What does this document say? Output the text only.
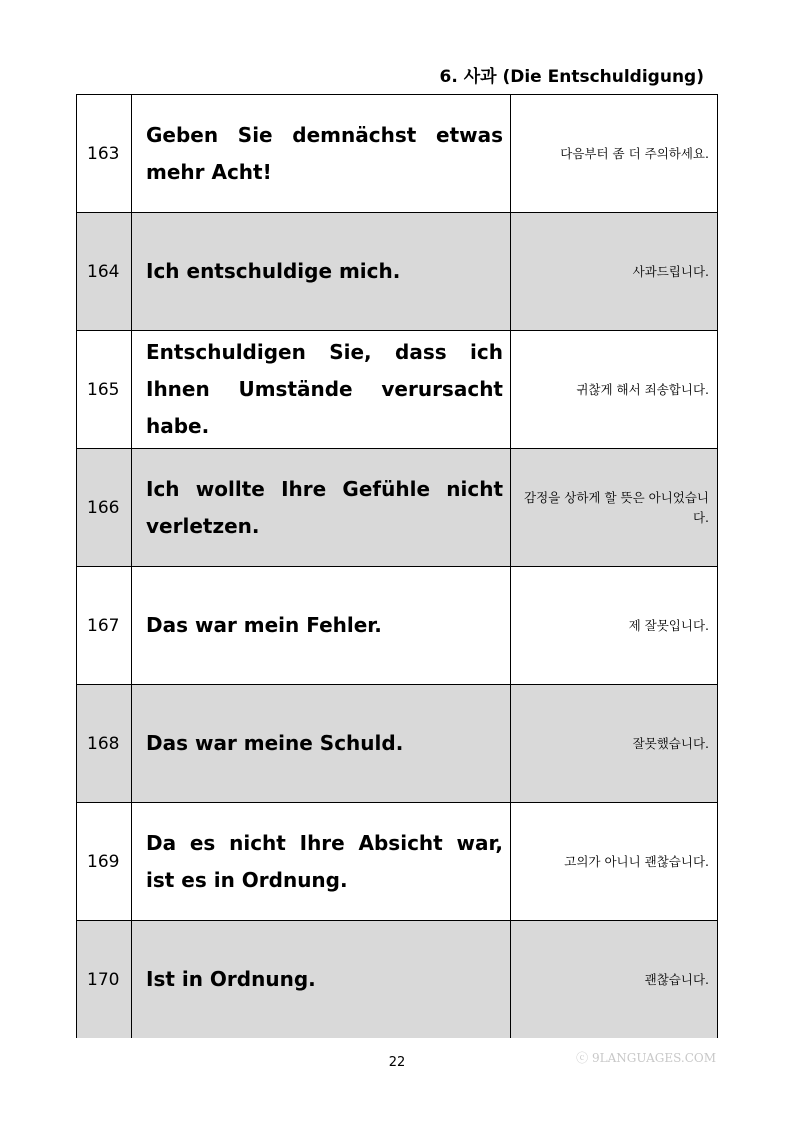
6. 사과 (Die Entschuldigung)
163	Geben Sie demnächst etwas mehr Acht!	다음부터 좀 더 주의하세요.
164	Ich entschuldige mich.	사과드립니다.
165	Entschuldigen Sie, dass ich Ihnen Umstände verursacht habe.	귀찮게 해서 죄송합니다.
166	Ich wollte Ihre Gefühle nicht verletzen.	감정을 상하게 할 뜻은 아니었습니다.
167	Das war mein Fehler.	제 잘못입니다.
168	Das war meine Schuld.	잘못했습니다.
169	Da es nicht Ihre Absicht war, ist es in Ordnung.	고의가 아니니 괜찮습니다.
170	Ist in Ordnung.	괜찮습니다.
22	ⓒ 9LANGUAGES.COM
